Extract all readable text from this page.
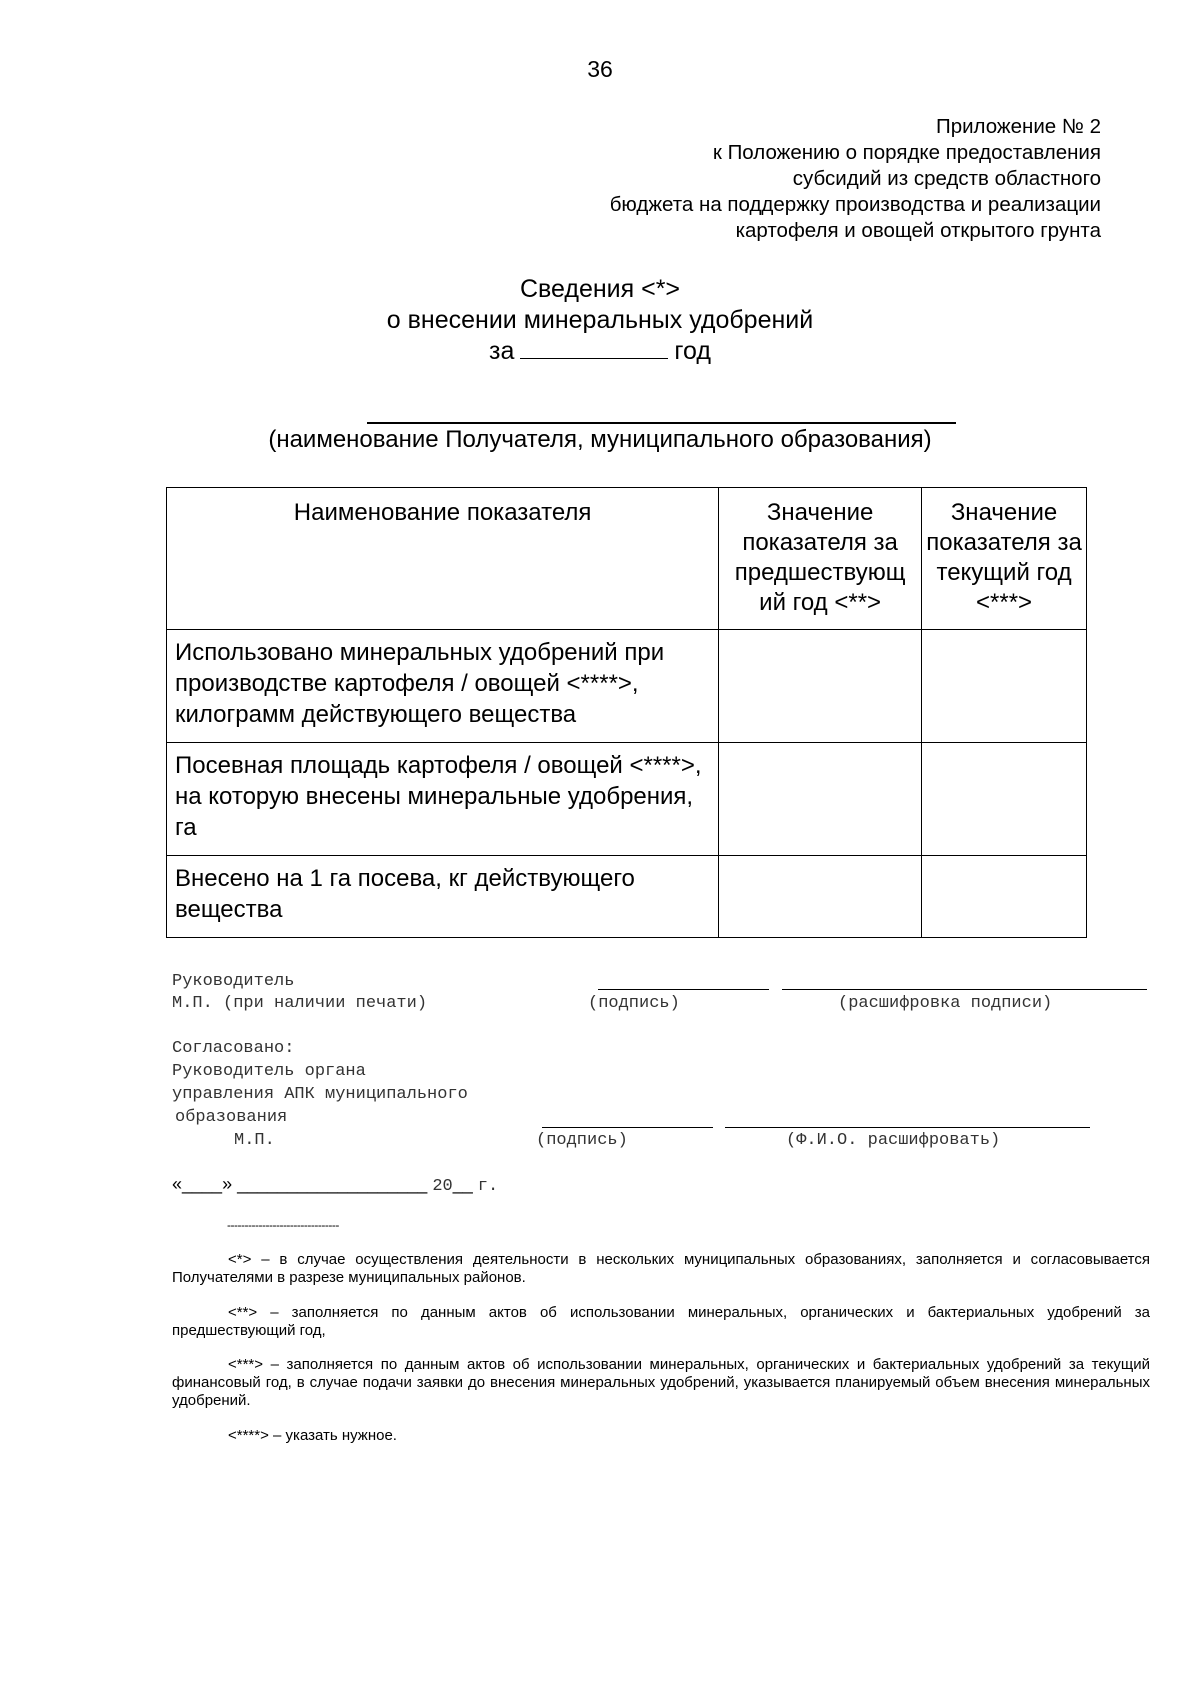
36
Приложение № 2
к Положению о порядке предоставления
субсидий из средств областного
бюджета на поддержку производства и реализации
картофеля и овощей открытого грунта
Сведения <*>
о внесении минеральных удобрений
за	год
(наименование Получателя, муниципального образования)
Наименование показателя	Значение показателя за предшествующ ий год <**>	Значение показателя за текущий год <***>
Использовано минеральных удобрений при производстве картофеля / овощей <****>, килограмм действующего вещества		
Посевная площадь картофеля / овощей <****>, на которую внесены минеральные удобрения, га		
Внесено на 1 га посева, кг действующего вещества		
Руководитель
М.П. (при наличии печати)	(подпись)	(расшифровка подписи)
Согласовано:
Руководитель органа
управления АПК муниципального
образования
М.П.	(подпись)	(Ф.И.О. расшифровать)
«____» ___________________ 20__ г.
--------------------------------
<*> – в случае осуществления деятельности в нескольких муниципальных образованиях, заполняется и согласовывается Получателями в разрезе муниципальных районов.
<**> – заполняется по данным актов об использовании минеральных, органических и бактериальных удобрений за предшествующий год,
<***> – заполняется по данным актов об использовании минеральных, органических и бактериальных удобрений за текущий финансовый год, в случае подачи заявки до внесения минеральных удобрений, указывается планируемый объем внесения минеральных удобрений.
<****> – указать нужное.
